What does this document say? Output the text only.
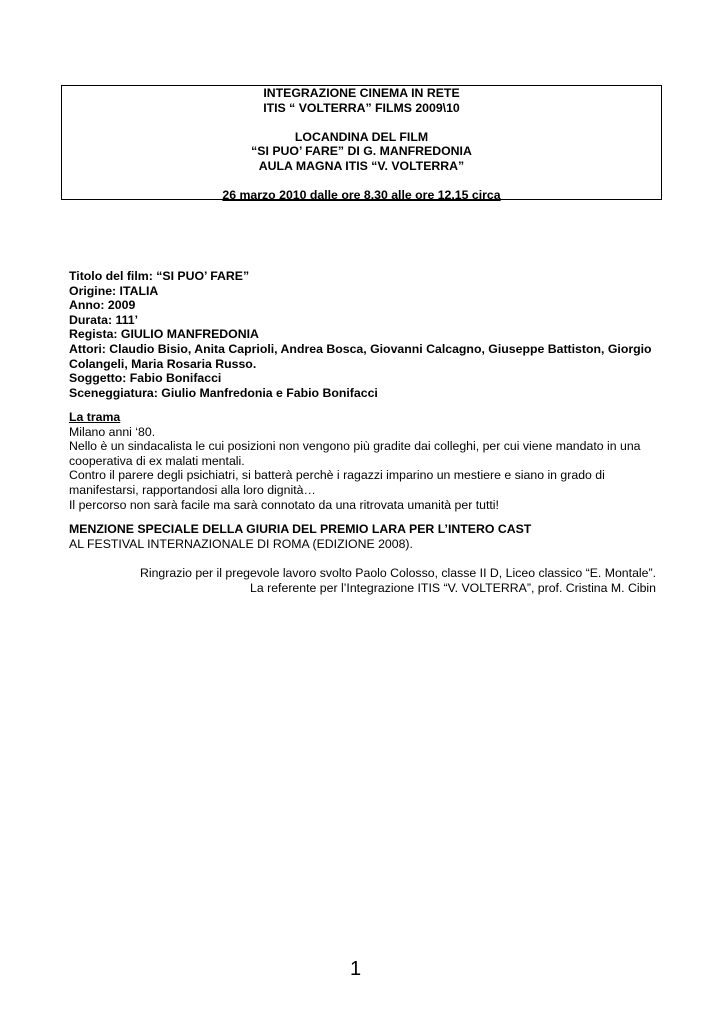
INTEGRAZIONE CINEMA IN RETE
ITIS “ VOLTERRA” FILMS 2009\10
LOCANDINA DEL FILM
“SI PUO’ FARE” DI G. MANFREDONIA
AULA MAGNA ITIS “V. VOLTERRA”
26 marzo 2010 dalle ore 8.30 alle ore 12.15 circa
Titolo del film: “SI PUO’ FARE”
Origine: ITALIA
Anno: 2009
Durata: 111’
Regista: GIULIO MANFREDONIA
Attori: Claudio Bisio, Anita Caprioli, Andrea Bosca, Giovanni Calcagno, Giuseppe Battiston, Giorgio
Colangeli, Maria Rosaria Russo.
Soggetto: Fabio Bonifacci
Sceneggiatura: Giulio Manfredonia e Fabio Bonifacci
La trama
Milano anni ‘80.
Nello è un sindacalista le cui posizioni non vengono più gradite dai colleghi, per cui viene mandato in una
cooperativa di ex malati mentali.
Contro il parere degli psichiatri, si batterà perchè i ragazzi imparino un mestiere e siano in grado di
manifestarsi, rapportandosi alla loro dignità…
Il percorso non sarà facile ma sarà connotato da una ritrovata umanità per tutti!
MENZIONE SPECIALE DELLA GIURIA DEL PREMIO LARA PER L’INTERO CAST
AL FESTIVAL INTERNAZIONALE DI ROMA (EDIZIONE 2008).
Ringrazio per il pregevole lavoro svolto Paolo Colosso, classe II D, Liceo classico “E. Montale”.
La referente per l’Integrazione ITIS “V. VOLTERRA”, prof. Cristina M. Cibin
1
